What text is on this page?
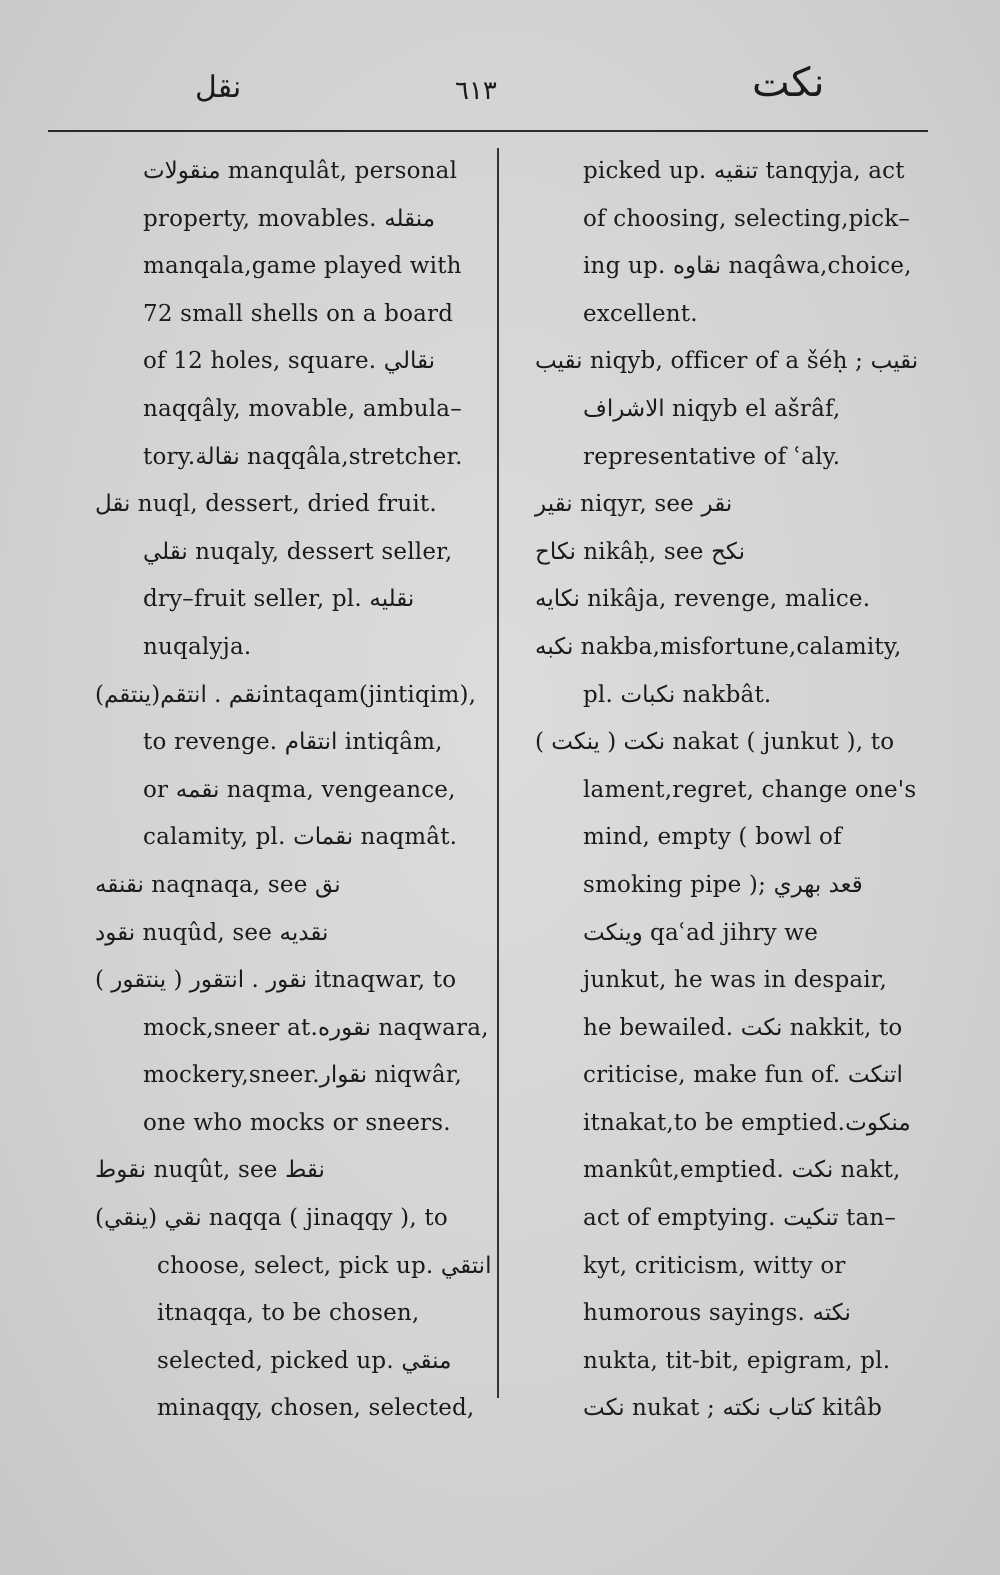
نقل	٦١٣	نكت
منقولات manqulât, personal
property, movables. منقله
manqala,game played with
72 small shells on a board
of 12 holes, square. نقالي
naqqâly, movable, ambula–
tory.نقالة naqqâla,stretcher.
نقل nuql, dessert, dried fruit.
نقلي nuqaly, dessert seller,
dry–fruit seller, pl. نقليه
nuqalyja.
نقم . انتقم(ينتقم)intaqam(jintiqim),
to revenge. انتقام intiqâm,
or نقمه naqma, vengeance,
calamity, pl. نقمات naqmât.
نقنقه naqnaqa, see نق
نقود nuqûd, see نقديه
نقور . انتقور ( ينتقور ) itnaqwar, to
mock,sneer at.نقوره naqwara,
mockery,sneer.نقوار niqwâr,
one who mocks or sneers.
نقوط nuqût, see نقط
نقي (ينقي) naqqa ( jinaqqy ), to
choose, select, pick up. انتقي
itnaqqa, to be chosen,
selected, picked up. منقي
minaqqy, chosen, selected,
picked up. تنقيه tanqyja, act
of choosing, selecting,pick–
ing up. نقاوه naqâwa,choice,
excellent.
نقيب niqyb, officer of a šéḥ ; نقيب
الاشراف niqyb el ašrâf,
representative of ʿaly.
نقير niqyr, see نقر
نكاح nikâḥ, see نكح
نكايه nikâja, revenge, malice.
نكبه nakba,misfortune,calamity,
pl. نكبات nakbât.
نكت ( ينكت ) nakat ( junkut ), to
lament,regret, change one's
mind, empty ( bowl of
smoking pipe ); قعد بهري
وينكت qaʿad jihry we
junkut, he was in despair,
he bewailed. نكت nakkit, to
criticise, make fun of. اتنكت
itnakat,to be emptied.منكوت
mankût,emptied. نكت nakt,
act of emptying. تنكيت tan–
kyt, criticism, witty or
humorous sayings. نكته
nukta, tit-bit, epigram, pl.
نكت nukat ; كتاب نكته kitâb
